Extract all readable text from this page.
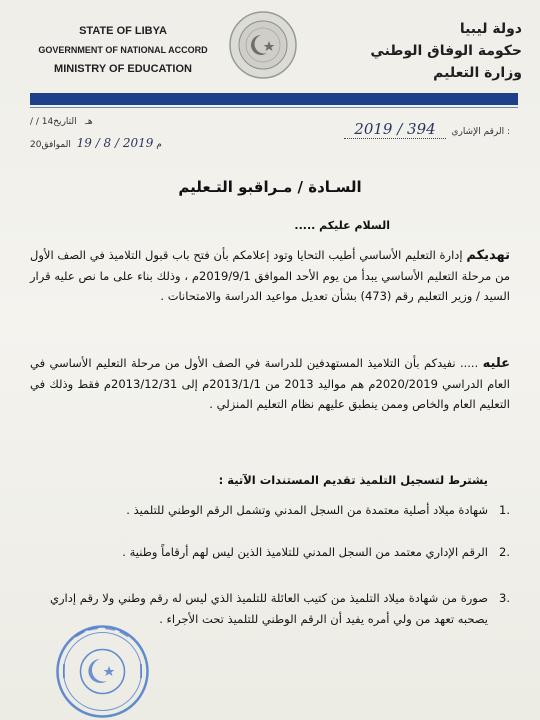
STATE OF LIBYA
GOVERNMENT OF NATIONAL ACCORD
MINISTRY OF EDUCATION
دولة ليبيا
حكومة الوفاق الوطني
وزارة التعليم
/ / 14هـ   التاريخ
20م 2019 / 8 / 19  الموافق
2019 / 394 الرقم الإشاري :
السـادة / مـراقبو التـعليم
السلام عليكم .....
تهديكم إدارة التعليم الأساسي أطيب التحايا وتود إعلامكم بأن فتح باب قبول التلاميذ في الصف الأول من مرحلة التعليم الأساسي يبدأ من يوم الأحد الموافق 2019/9/1م ، وذلك بناء على ما نص عليه قرار السيد / وزير التعليم رقم (473) بشأن تعديل مواعيد الدراسة والامتحانات .
عليه ..... نفيدكم بأن التلاميذ المستهدفين للدراسة في الصف الأول من مرحلة التعليم الأساسي في العام الدراسي 2020/2019م هم مواليد 2013 من 2013/1/1م إلى 2013/12/31م فقط وذلك في التعليم العام والخاص وممن ينطبق عليهم نظام التعليم المنزلي .
يشترط لتسجيل التلميذ تقديم المستندات الآتية :
.1
شهادة ميلاد أصلية معتمدة من السجل المدني وتشمل الرقم الوطني للتلميذ .
.2
الرقم الإداري معتمد من السجل المدني للتلاميذ الذين ليس لهم أرقاماً وطنية .
.3
صورة من شهادة ميلاد التلميذ من كتيب العائلة للتلميذ الذي ليس له رقم وطني ولا رقم إداري يصحبه تعهد من ولي أمره يفيد أن الرقم الوطني للتلميذ تحت الأجراء .
